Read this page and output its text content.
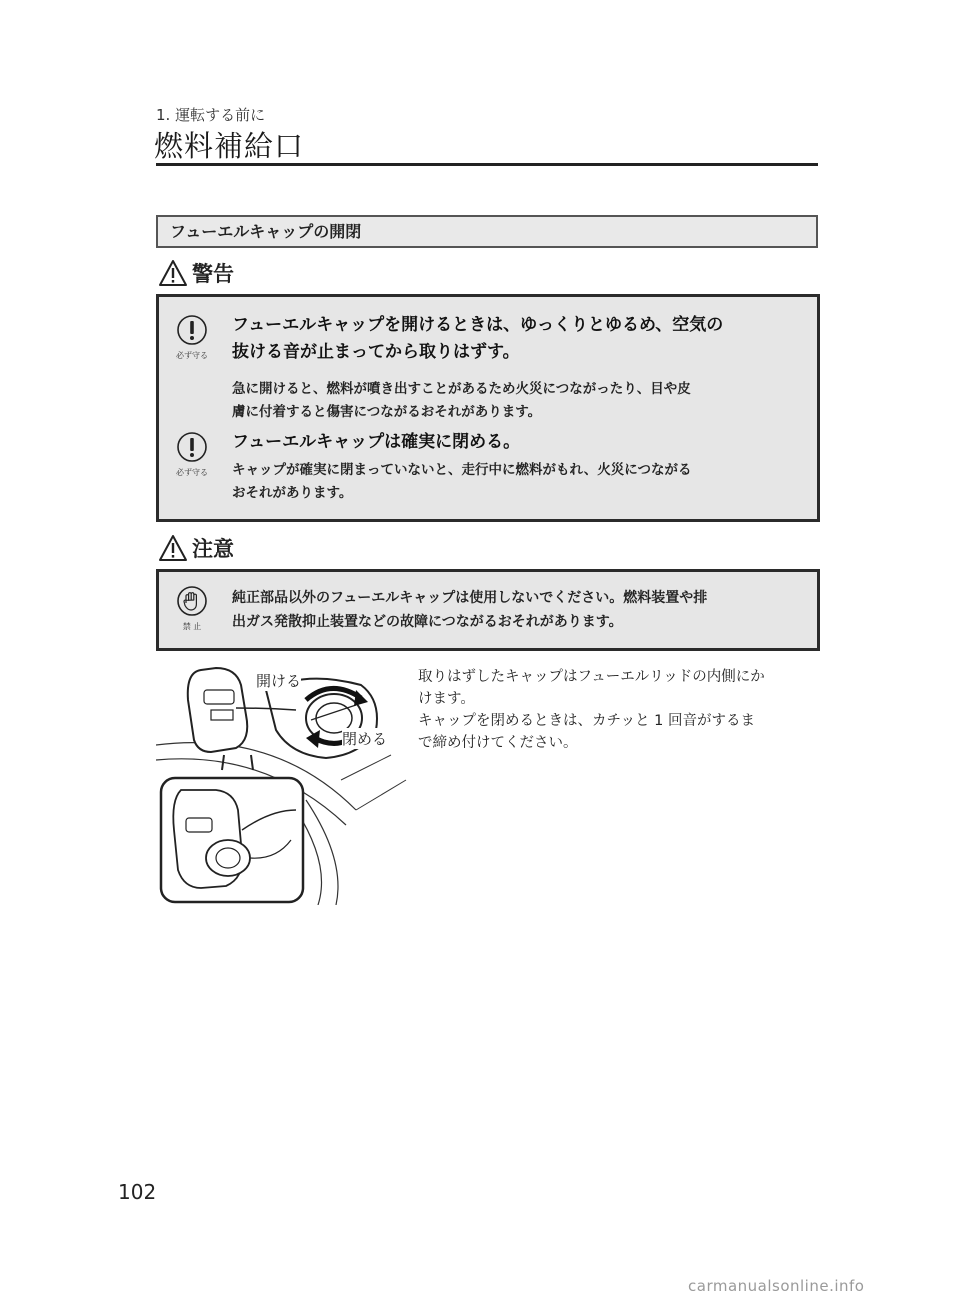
1. 運転する前に
燃料補給口
フューエルキャップの開閉
警告
必ず守る
フューエルキャップを開けるときは、ゆっくりとゆるめ、空気の
抜ける音が止まってから取りはずす。
急に開けると、燃料が噴き出すことがあるため火災につながったり、目や皮
膚に付着すると傷害につながるおそれがあります。
必ず守る
フューエルキャップは確実に閉める。
キャップが確実に閉まっていないと、走行中に燃料がもれ、火災につながる
おそれがあります。
注意
禁 止
純正部品以外のフューエルキャップは使用しないでください。燃料装置や排
出ガス発散抑止装置などの故障につながるおそれがあります。
開ける
閉める
取りはずしたキャップはフューエルリッドの内側にか
けます。
キャップを閉めるときは、カチッと 1 回音がするま
で締め付けてください。
102
carmanualsonline.info
